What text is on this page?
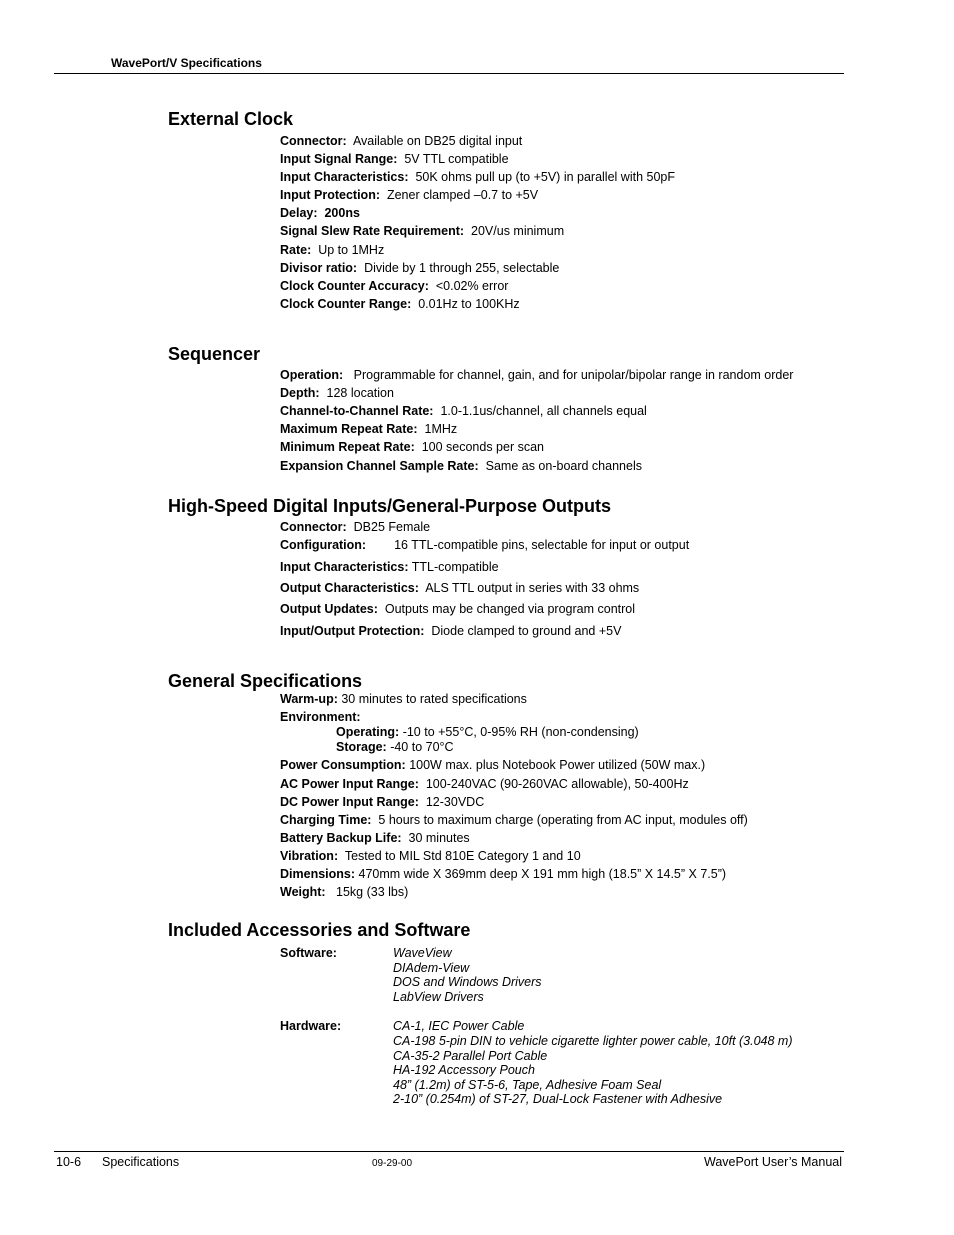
WavePort/V Specifications
External Clock
Connector: Available on DB25 digital input
Input Signal Range: 5V TTL compatible
Input Characteristics: 50K ohms pull up (to +5V) in parallel with 50pF
Input Protection: Zener clamped –0.7 to +5V
Delay: 200ns
Signal Slew Rate Requirement: 20V/us minimum
Rate: Up to 1MHz
Divisor ratio: Divide by 1 through 255, selectable
Clock Counter Accuracy: <0.02% error
Clock Counter Range: 0.01Hz to 100KHz
Sequencer
Operation: Programmable for channel, gain, and for unipolar/bipolar range in random order
Depth: 128 location
Channel-to-Channel Rate: 1.0-1.1us/channel, all channels equal
Maximum Repeat Rate: 1MHz
Minimum Repeat Rate: 100 seconds per scan
Expansion Channel Sample Rate: Same as on-board channels
High-Speed Digital Inputs/General-Purpose Outputs
Connector: DB25 Female
Configuration: 16 TTL-compatible pins, selectable for input or output
Input Characteristics: TTL-compatible
Output Characteristics: ALS TTL output in series with 33 ohms
Output Updates: Outputs may be changed via program control
Input/Output Protection: Diode clamped to ground and +5V
General Specifications
Warm-up: 30 minutes to rated specifications
Environment:
Operating: -10 to +55°C, 0-95% RH (non-condensing)
Storage: -40 to 70°C
Power Consumption: 100W max. plus Notebook Power utilized (50W max.)
AC Power Input Range: 100-240VAC (90-260VAC allowable), 50-400Hz
DC Power Input Range: 12-30VDC
Charging Time: 5 hours to maximum charge (operating from AC input, modules off)
Battery Backup Life: 30 minutes
Vibration: Tested to MIL Std 810E Category 1 and 10
Dimensions: 470mm wide X 369mm deep X 191 mm high (18.5” X 14.5” X 7.5”)
Weight: 15kg (33 lbs)
Included Accessories and Software
Software:	WaveView
DIAdem-View
DOS and Windows Drivers
LabView Drivers
Hardware:	CA-1, IEC Power Cable
CA-198 5-pin DIN to vehicle cigarette lighter power cable, 10ft (3.048 m)
CA-35-2 Parallel Port Cable
HA-192 Accessory Pouch
48” (1.2m) of ST-5-6, Tape, Adhesive Foam Seal
2-10” (0.254m) of ST-27, Dual-Lock Fastener with Adhesive
10-6 Specifications	09-29-00	WavePort User’s Manual
